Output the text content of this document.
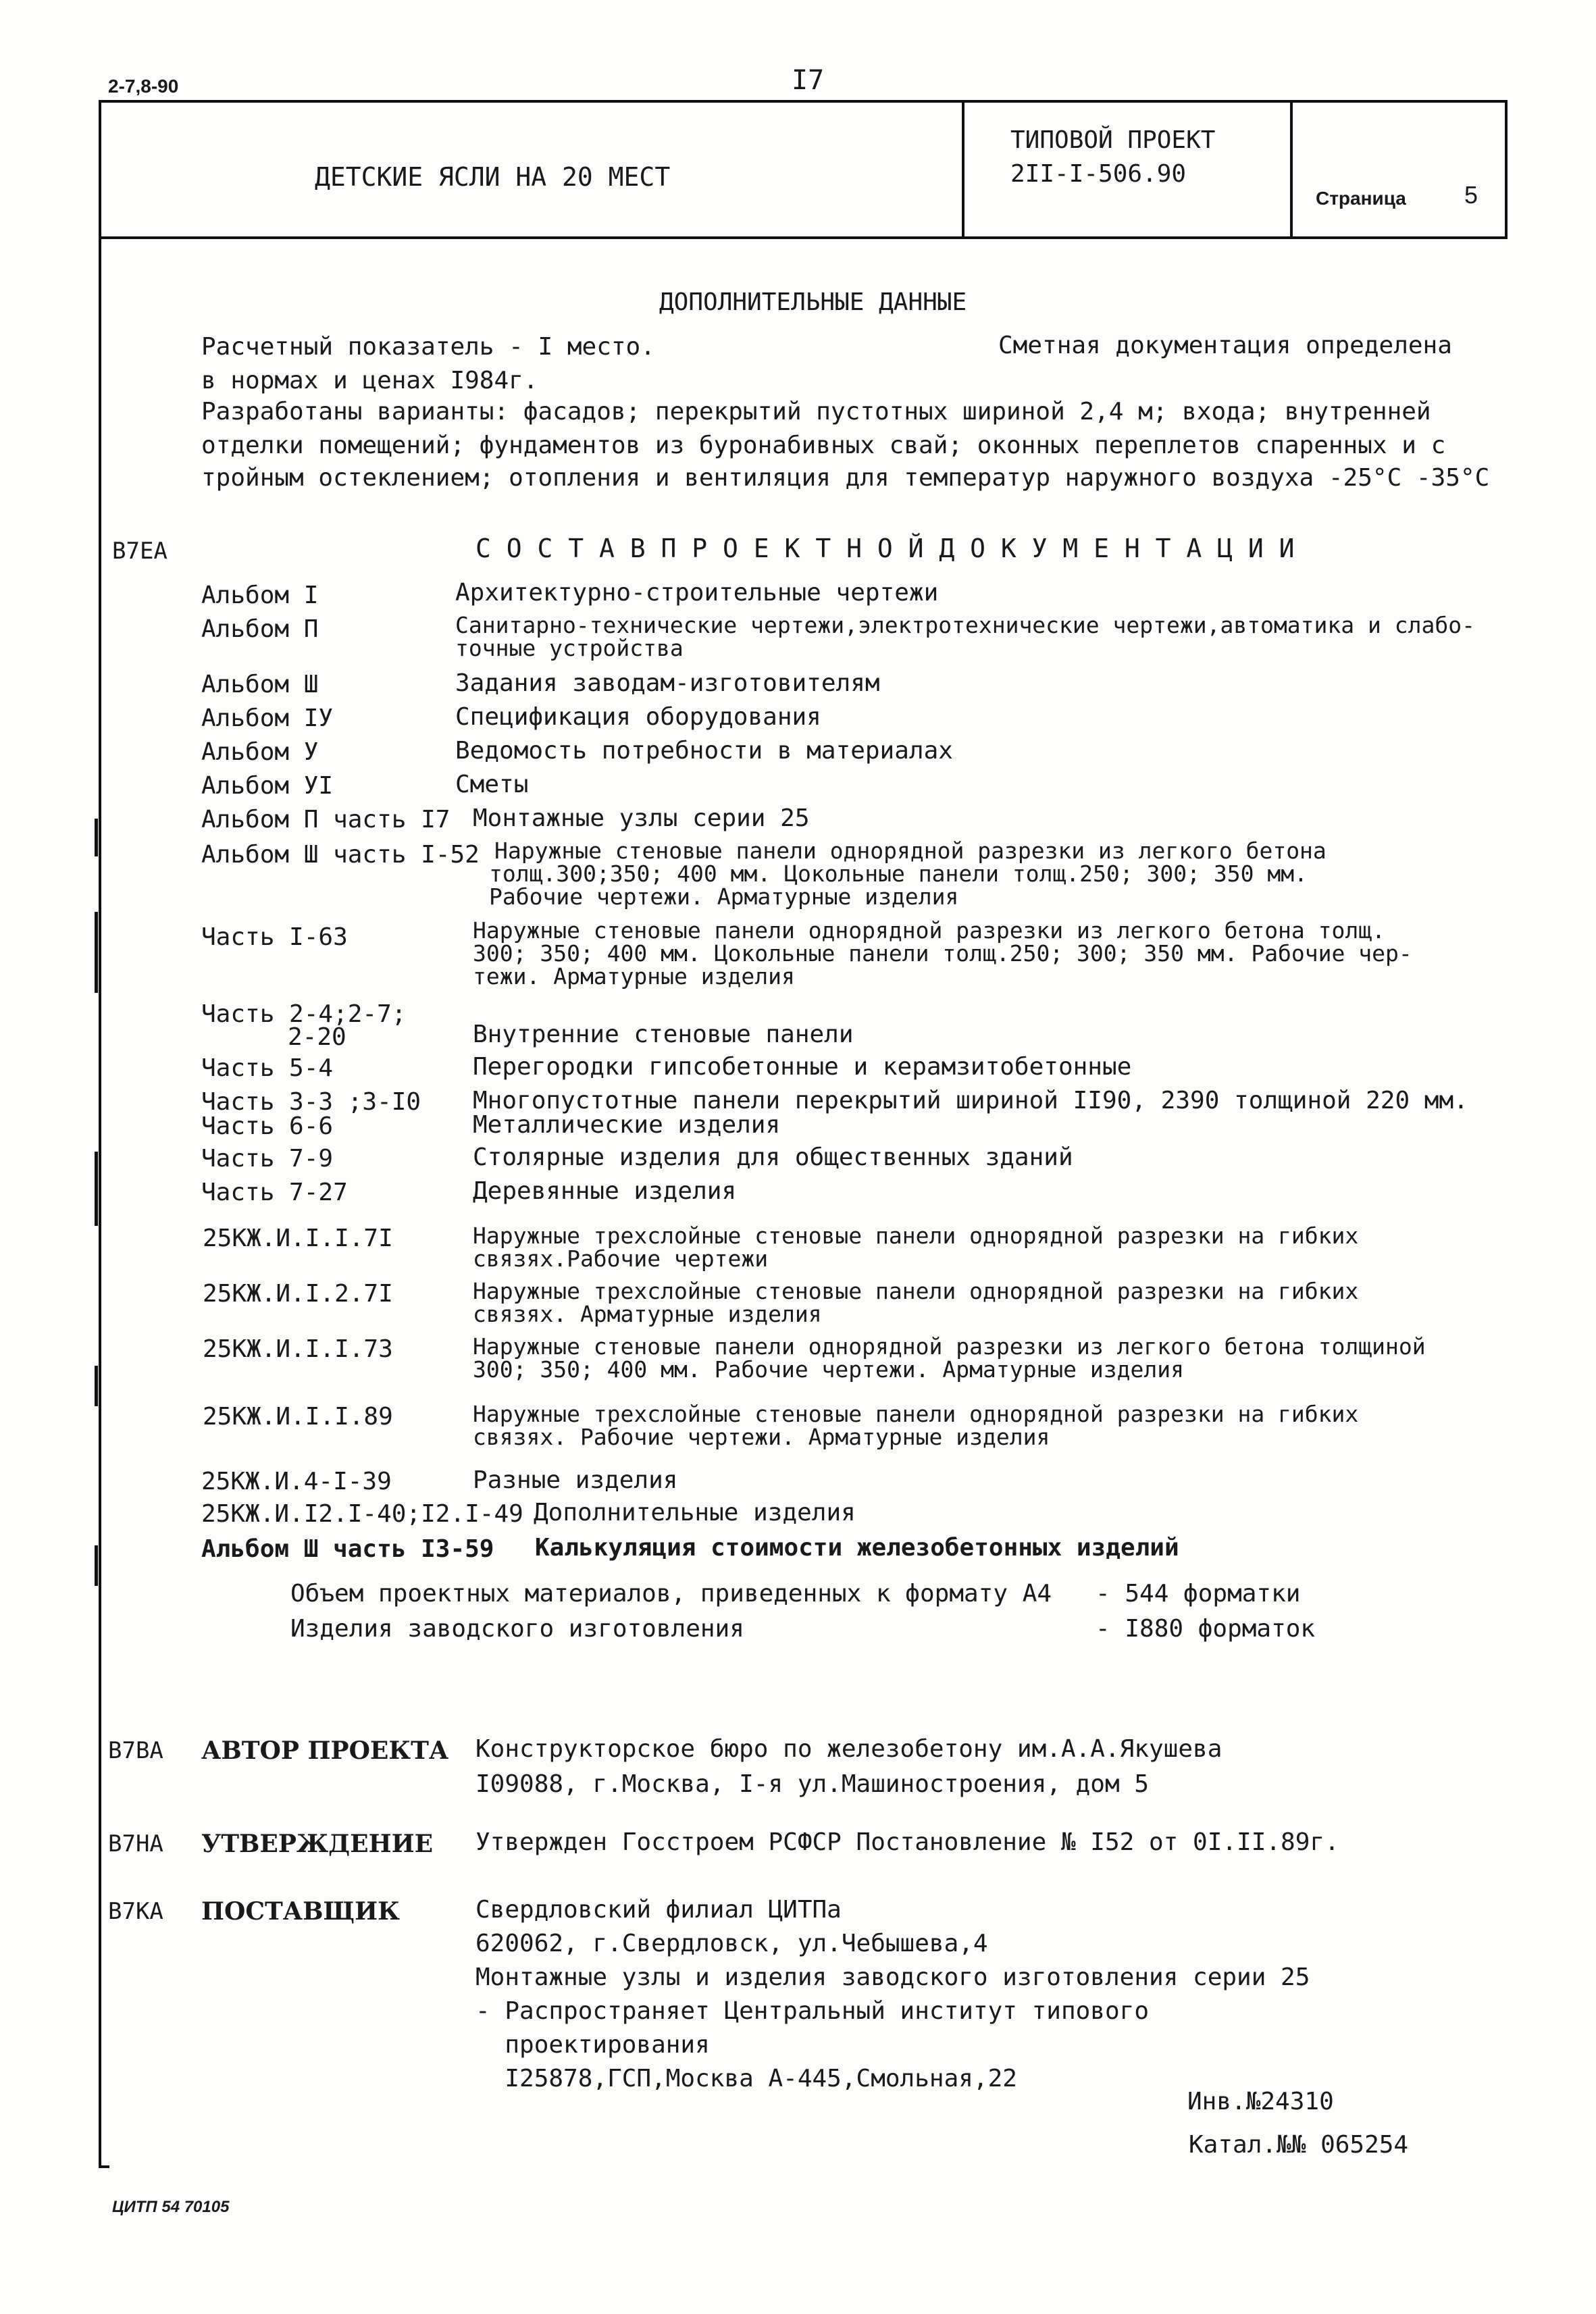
2-7,8-90	I7
ДЕТСКИЕ ЯСЛИ НА 20 МЕСТ
ТИПОВОЙ ПРОЕКТ
2II-I-506.90
Страница 5
ДОПОЛНИТЕЛЬНЫЕ ДАННЫЕ
Расчетный показатель - I место.	Сметная документация определена
в нормах и ценах I984г.
Разработаны варианты: фасадов; перекрытий пустотных шириной 2,4 м; входа; внутренней
отделки помещений; фундаментов из буронабивных свай; оконных переплетов спаренных и с
тройным остеклением; отопления и вентиляция для температур наружного воздуха -25°С -35°С
В7ЕА	С О С Т А В П Р О Е К Т Н О Й Д О К У М Е Н Т А Ц И И
Альбом I	Архитектурно-строительные чертежи
Альбом П	Санитарно-технические чертежи,электротехнические чертежи,автоматика и слабо-
точные устройства
Альбом Ш	Задания заводам-изготовителям
Альбом IУ	Спецификация оборудования
Альбом У	Ведомость потребности в материалах
Альбом УI	Сметы
Альбом П часть I7 Монтажные узлы серии 25
Альбом Ш часть I-52 Наружные стеновые панели однорядной разрезки из легкого бетона
толщ.300;350; 400 мм. Цокольные панели толщ.250; 300; 350 мм.
Рабочие чертежи. Арматурные изделия
Часть I-63	Наружные стеновые панели однорядной разрезки из легкого бетона толщ.
300; 350; 400 мм. Цокольные панели толщ.250; 300; 350 мм. Рабочие чер-
тежи. Арматурные изделия
Часть 2-4;2-7;
2-20	Внутренние стеновые панели
Часть 5-4	Перегородки гипсобетонные и керамзитобетонные
Часть 3-3 ;3-I0 Многопустотные панели перекрытий шириной II90, 2390 толщиной 220 мм.
Часть 6-6	Металлические изделия
Часть 7-9	Столярные изделия для общественных зданий
Часть 7-27	Деревянные изделия
25КЖ.И.I.I.7I	Наружные трехслойные стеновые панели однорядной разрезки на гибких
связях.Рабочие чертежи
25КЖ.И.I.2.7I	Наружные трехслойные стеновые панели однорядной разрезки на гибких
связях. Арматурные изделия
25КЖ.И.I.I.73	Наружные стеновые панели однорядной разрезки из легкого бетона толщиной
300; 350; 400 мм. Рабочие чертежи. Арматурные изделия
25КЖ.И.I.I.89	Наружные трехслойные стеновые панели однорядной разрезки на гибких
связях. Рабочие чертежи. Арматурные изделия
25КЖ.И.4-I-39	Разные изделия
25КЖ.И.I2.I-40;I2.I-49 Дополнительные изделия
Альбом Ш часть I3-59 Калькуляция стоимости железобетонных изделий
Объем проектных материалов, приведенных к формату А4 - 544 форматки
Изделия заводского изготовления	- I880 форматок
В7ВА АВТОР ПРОЕКТА Конструкторское бюро по железобетону им.А.А.Якушева
I09088, г.Москва, I-я ул.Машиностроения, дом 5
В7НА УТВЕРЖДЕНИЕ Утвержден Госстроем РСФСР Постановление № I52 от 0I.II.89г.
В7КА ПОСТАВЩИК	Свердловский филиал ЦИТПа
620062, г.Свердловск, ул.Чебышева,4
Монтажные узлы и изделия заводского изготовления серии 25
- Распространяет Центральный институт типового
проектирования
I25878,ГСП,Москва А-445,Смольная,22
Инв.№24310
Катал.№№ 065254
ЦИТП 54 70105
